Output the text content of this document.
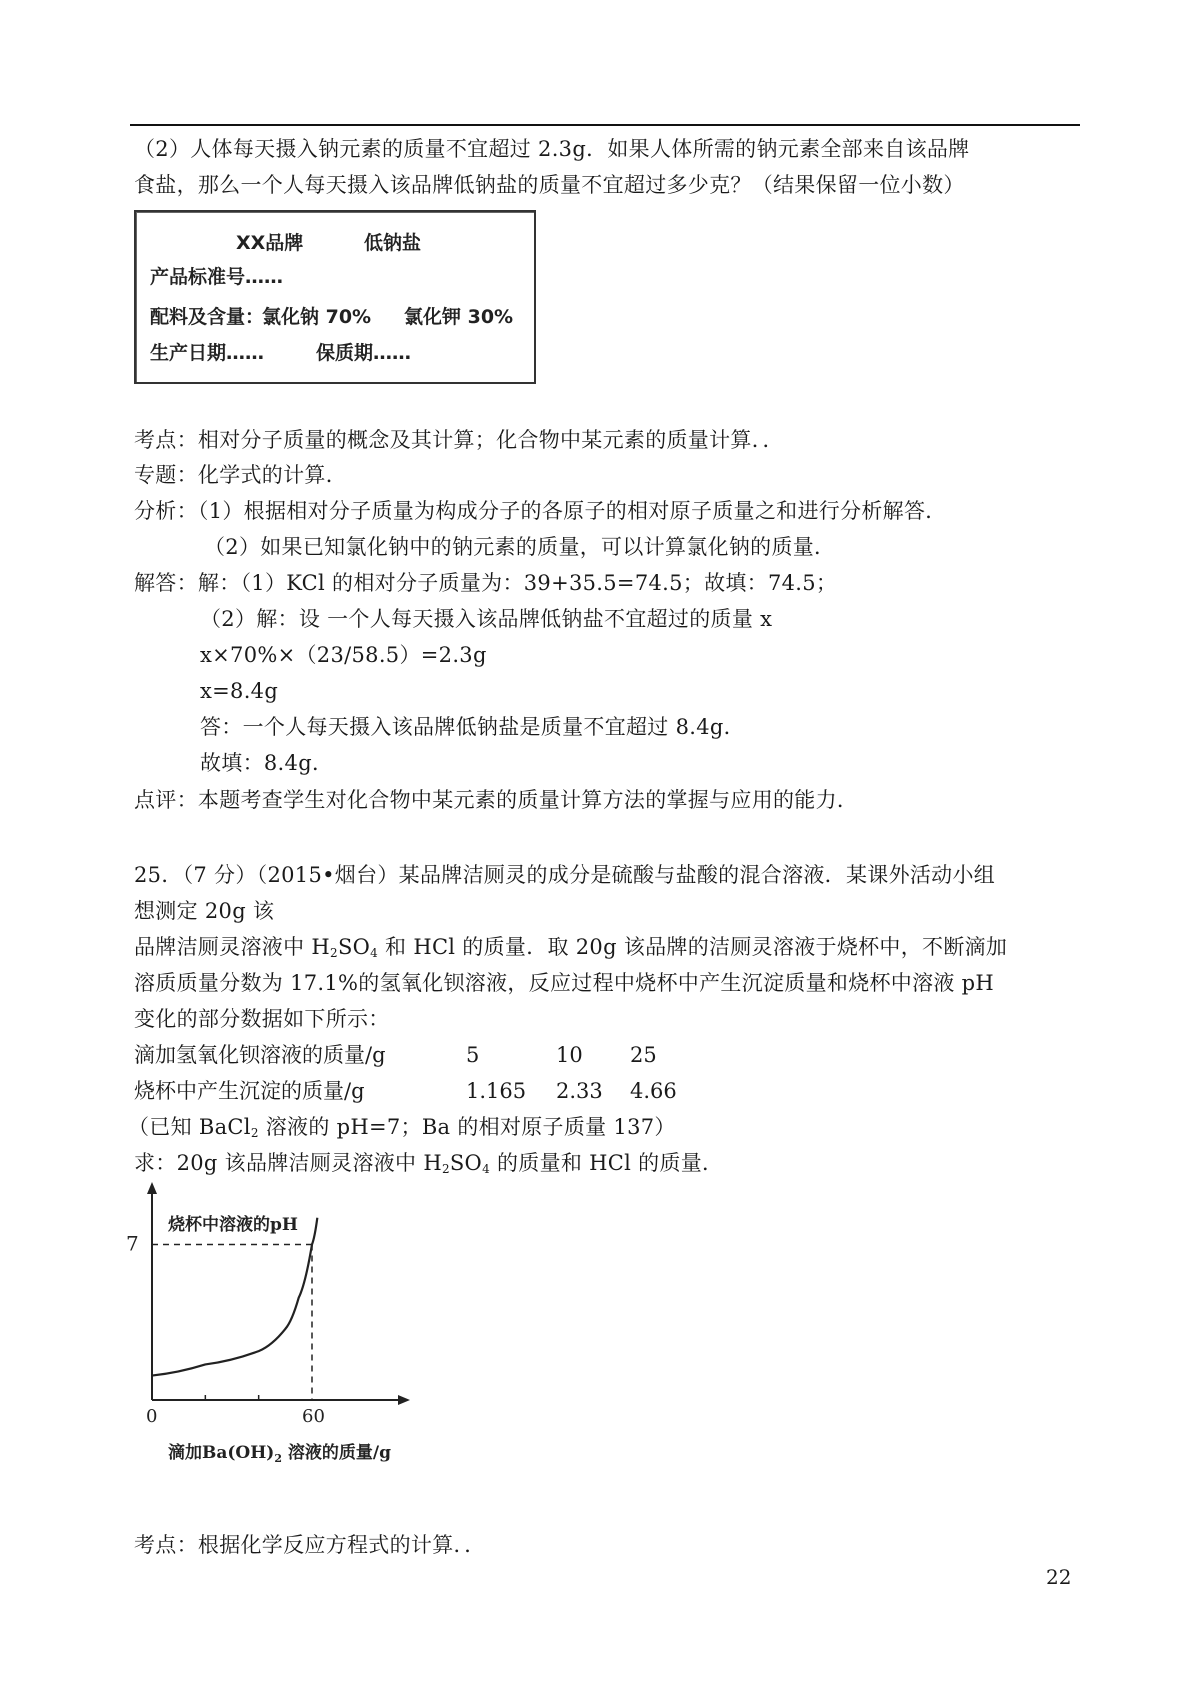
（2）人体每天摄入钠元素的质量不宜超过 2.3g．如果人体所需的钠元素全部来自该品牌
食盐，那么一个人每天摄入该品牌低钠盐的质量不宜超过多少克？（结果保留一位小数）
XX品牌	低钠盐
产品标准号……
配料及含量：
氯化钠 70% 氯化钾 30%
生产日期……	保质期……
考点：相对分子质量的概念及其计算；化合物中某元素的质量计算．．
专题：化学式的计算．
分析：（1）根据相对分子质量为构成分子的各原子的相对原子质量之和进行分析解答．
（2）如果已知氯化钠中的钠元素的质量，可以计算氯化钠的质量．
解答：解：（1）KCl 的相对分子质量为：39+35.5=74.5；故填：74.5；
（2）解：设 一个人每天摄入该品牌低钠盐不宜超过的质量 x
x×70%×（23/58.5）=2.3g
x=8.4g
答：一个人每天摄入该品牌低钠盐是质量不宜超过 8.4g．
故填：8.4g．
点评：本题考查学生对化合物中某元素的质量计算方法的掌握与应用的能力．
25．（7 分）（2015•烟台）某品牌洁厕灵的成分是硫酸与盐酸的混合溶液．某课外活动小组
想测定 20g 该
品牌洁厕灵溶液中 $H_2SO_4$ 和 HCl 的质量．取 20g 该品牌的洁厕灵溶液于烧杯中，不断滴加
溶质质量分数为 17.1%的氢氧化钡溶液，反应过程中烧杯中产生沉淀质量和烧杯中溶液 pH
变化的部分数据如下所示：
滴加氢氧化钡溶液的质量/g	5	10 25
烧杯中产生沉淀的质量/g	1.165 2.33 4.66
（已知 BaCl$_2$ 溶液的 pH=7；Ba 的相对原子质量 137）
求：20g 该品牌洁厕灵溶液中 $H_2SO_4$ 的质量和 HCl 的质量．
0	60
7
烧杯中溶液的pH
滴加$Ba(OH)_2$ 溶液的质量/g
考点：根据化学反应方程式的计算．．
22
